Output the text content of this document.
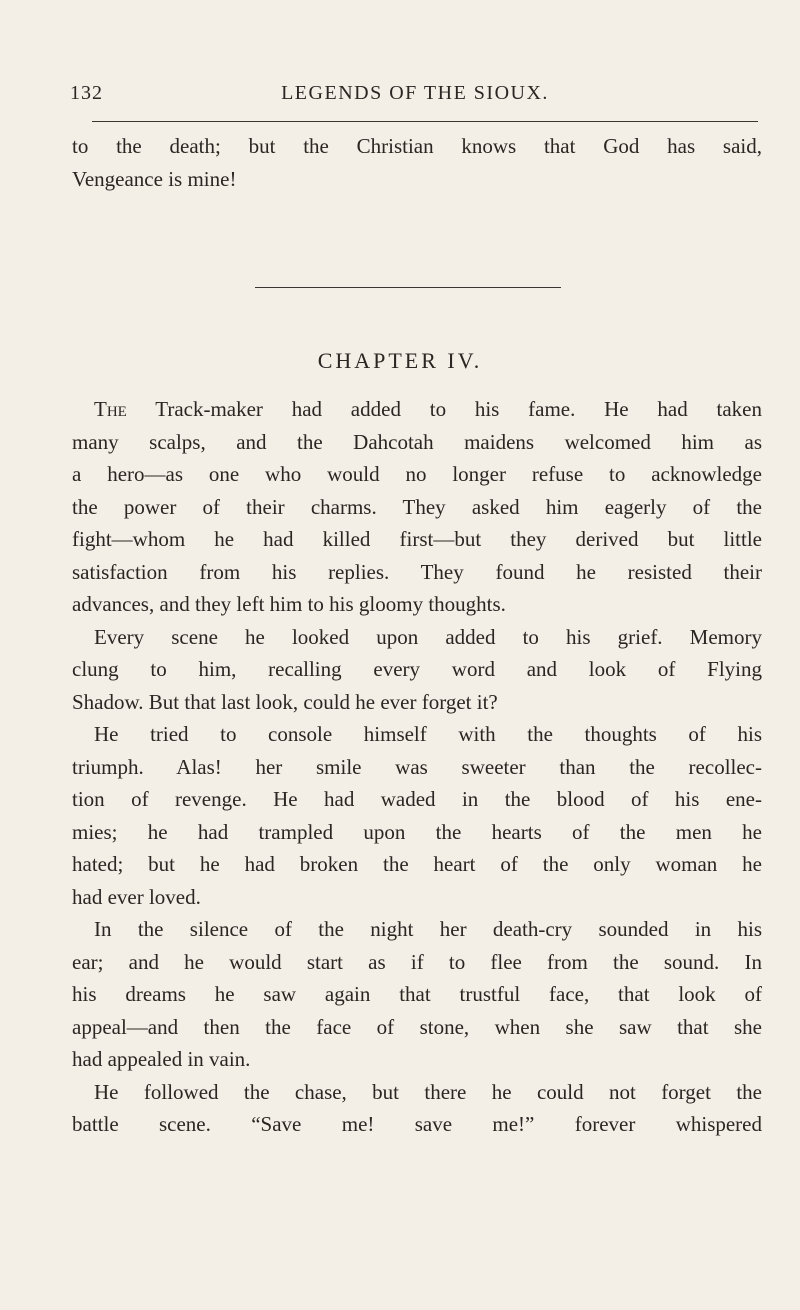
132	LEGENDS OF THE SIOUX.
to the death; but the Christian knows that God has said,
Vengeance is mine!
CHAPTER IV.
The Track-maker had added to his fame. He had taken
many scalps, and the Dahcotah maidens welcomed him as
a hero—as one who would no longer refuse to acknowledge
the power of their charms. They asked him eagerly of the
fight—whom he had killed first—but they derived but little
satisfaction from his replies. They found he resisted their
advances, and they left him to his gloomy thoughts.
Every scene he looked upon added to his grief. Memory
clung to him, recalling every word and look of Flying
Shadow. But that last look, could he ever forget it?
He tried to console himself with the thoughts of his
triumph. Alas! her smile was sweeter than the recollec-
tion of revenge. He had waded in the blood of his ene-
mies; he had trampled upon the hearts of the men he
hated; but he had broken the heart of the only woman he
had ever loved.
In the silence of the night her death-cry sounded in his
ear; and he would start as if to flee from the sound. In
his dreams he saw again that trustful face, that look of
appeal—and then the face of stone, when she saw that she
had appealed in vain.
He followed the chase, but there he could not forget the
battle scene. “Save me! save me!” forever whispered
